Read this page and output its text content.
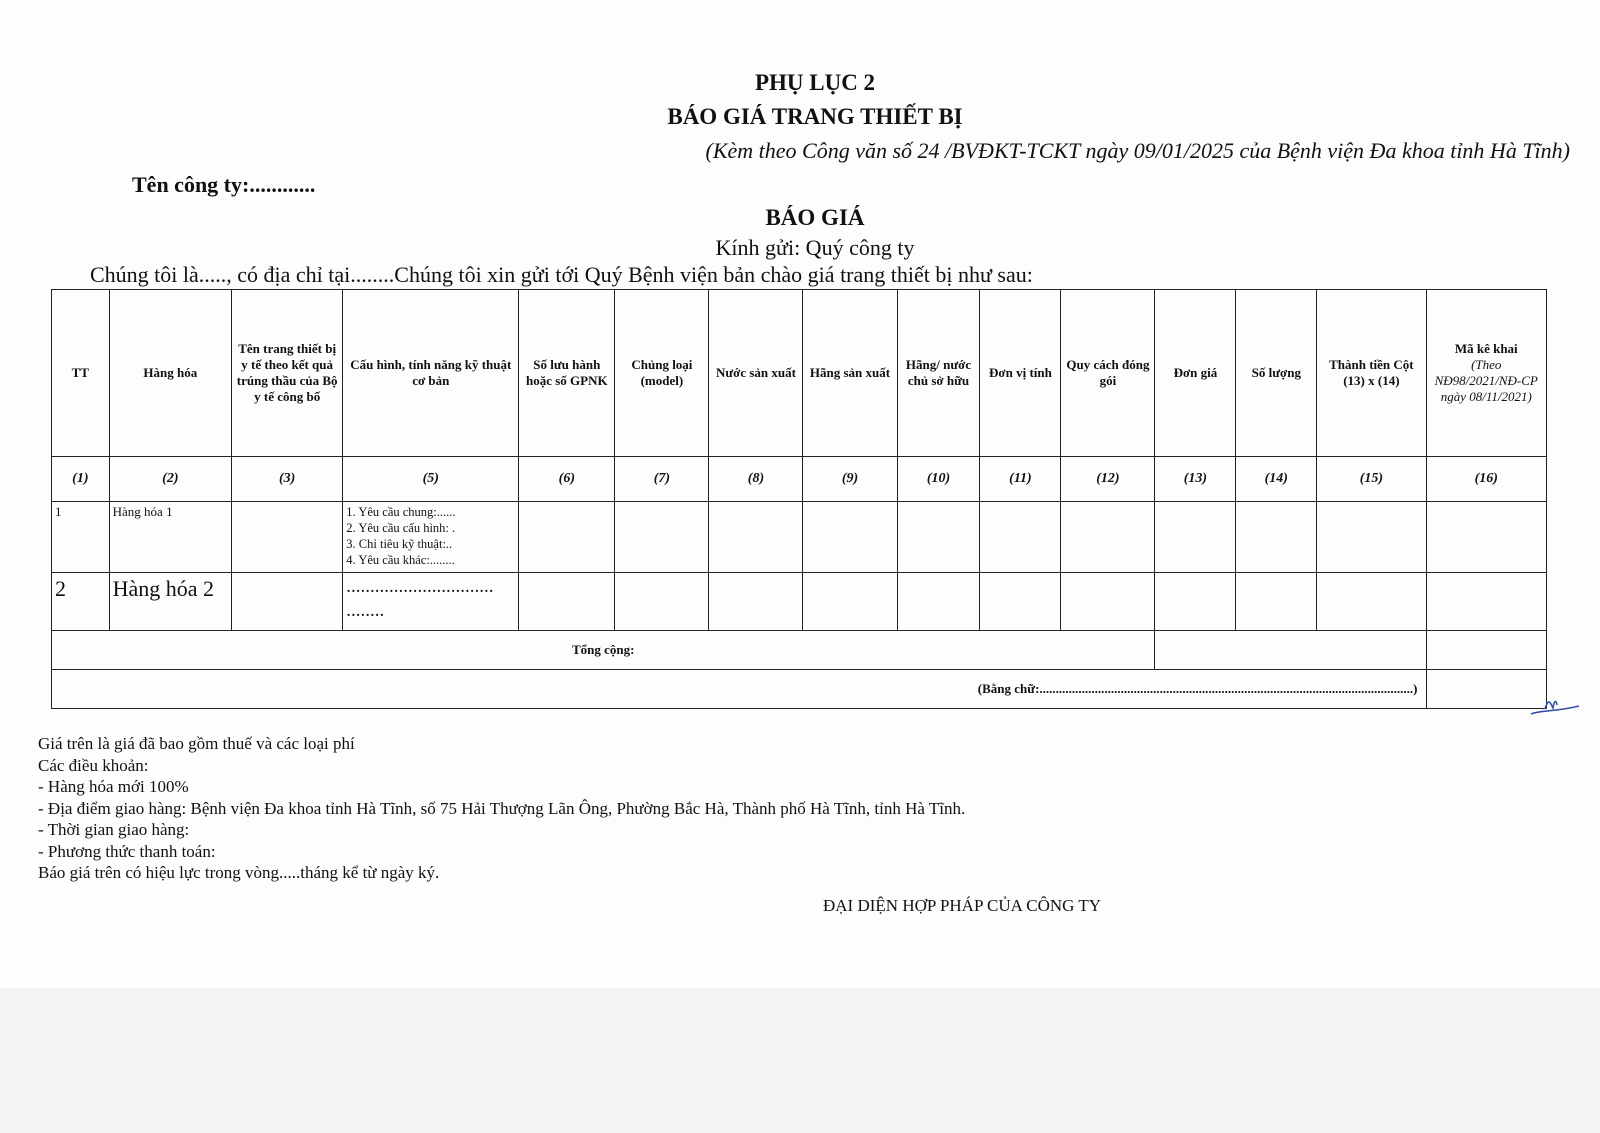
PHỤ LỤC 2
BÁO GIÁ TRANG THIẾT BỊ
(Kèm theo Công văn số 24 /BVĐKT-TCKT ngày 09/01/2025 của Bệnh viện Đa khoa tỉnh Hà Tĩnh)
Tên công ty:............
BÁO GIÁ
Kính gửi: Quý công ty
Chúng tôi là....., có địa chỉ tại........Chúng tôi xin gửi tới Quý Bệnh viện bản chào giá trang thiết bị như sau:
TT	Hàng hóa	Tên trang thiết bị y tế theo kết quả trúng thầu của Bộ y tế công bố	Cấu hình, tính năng kỹ thuật cơ bản	Số lưu hành hoặc số GPNK	Chủng loại (model)	Nước sản xuất	Hãng sản xuất	Hãng/ nước chủ sở hữu	Đơn vị tính	Quy cách đóng gói	Đơn giá	Số lượng	Thành tiền Cột (13) x (14)	Mã kê khai
(Theo NĐ98/2021/NĐ-CP ngày 08/11/2021)

(1)	(2)	(3)	(5)	(6)	(7)	(8)	(9)	(10)	(11)	(12)	(13)	(14)	(15)	(16)
1	Hàng hóa 1		1. Yêu cầu chung:......
2. Yêu cầu cấu hình: .
3. Chỉ tiêu kỹ thuật:..
4. Yêu cầu khác:........											

2	Hàng hóa 2		...............................
........											

Tổng cộng:														
(Bằng chữ:...................................................................................................................)														
Giá trên là giá đã bao gồm thuế và các loại phí
Các điều khoản:
- Hàng hóa mới 100%
- Địa điểm giao hàng: Bệnh viện Đa khoa tỉnh Hà Tĩnh, số 75 Hải Thượng Lãn Ông, Phường Bắc Hà, Thành phố Hà Tĩnh, tỉnh Hà Tĩnh.
- Thời gian giao hàng:
- Phương thức thanh toán:
Báo giá trên có hiệu lực trong vòng.....tháng kể từ ngày ký.
ĐẠI DIỆN HỢP PHÁP CỦA CÔNG TY
